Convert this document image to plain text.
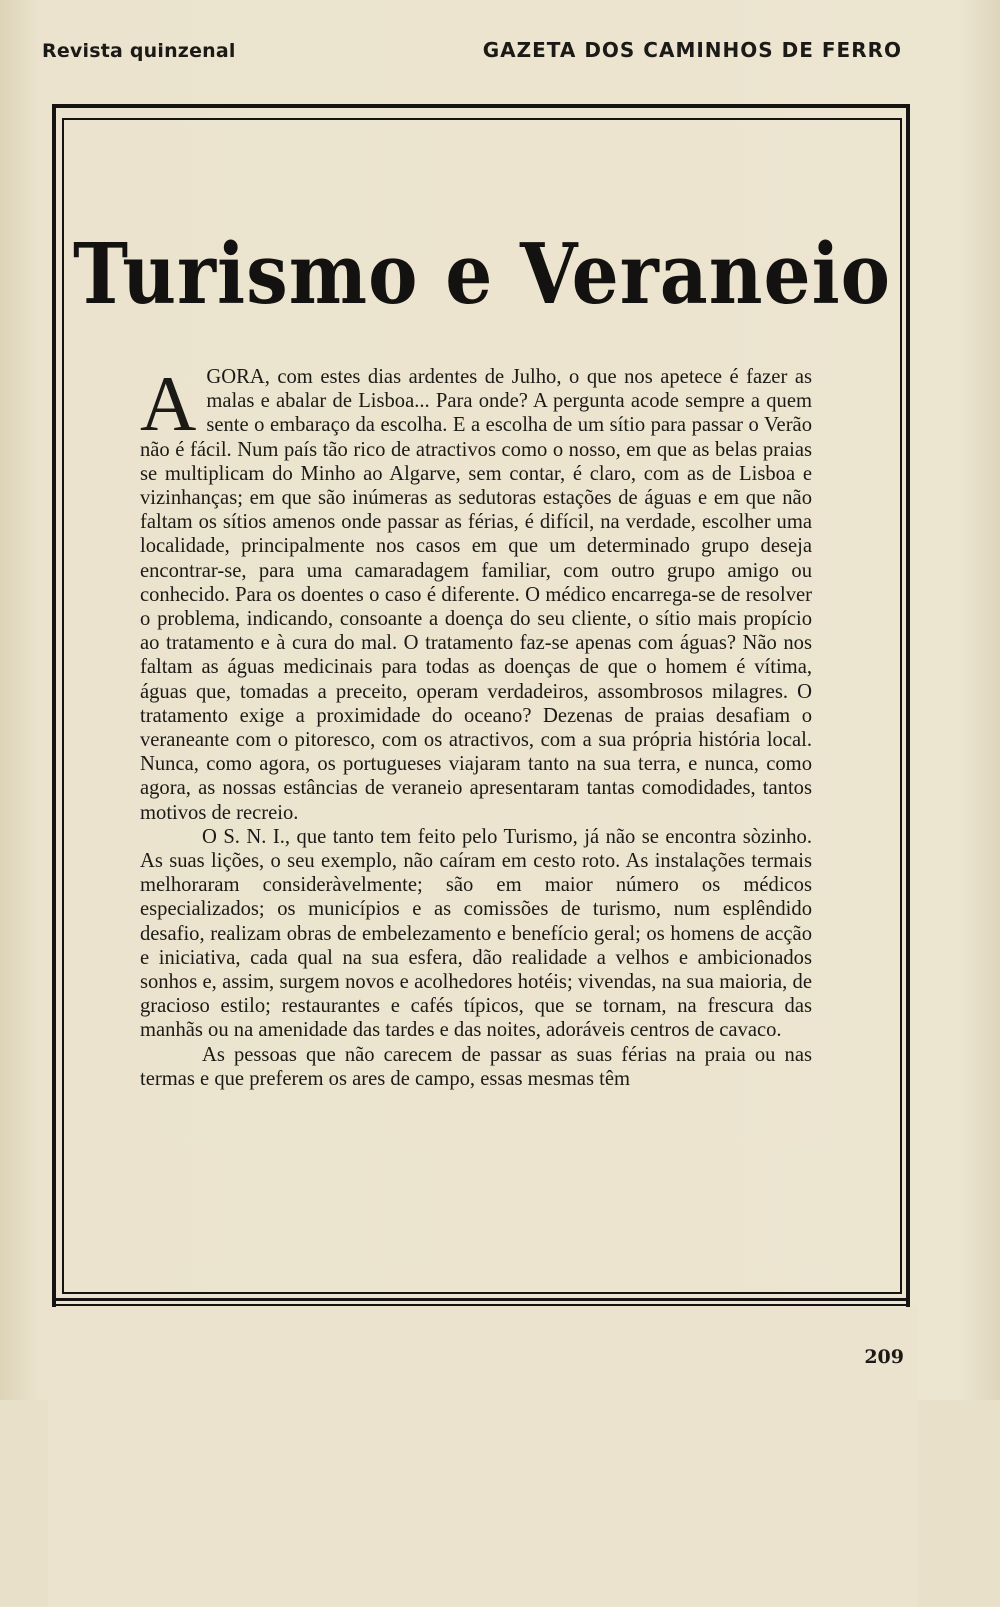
Revista quinzenal	GAZETA DOS CAMINHOS DE FERRO
Turismo e Veraneio

AGORA, com estes dias ardentes de Julho, o que nos apetece é fazer as malas e abalar de Lisboa... Para onde? A pergunta acode sempre a quem sente o embaraço da escolha. E a escolha de um sítio para passar o Verão não é fácil. Num país tão rico de atractivos como o nosso, em que as belas praias se multiplicam do Minho ao Algarve, sem contar, é claro, com as de Lisboa e vizinhanças; em que são inúmeras as sedutoras estações de águas e em que não faltam os sítios amenos onde passar as férias, é difícil, na verdade, escolher uma localidade, principalmente nos casos em que um determinado grupo deseja encontrar-se, para uma camaradagem familiar, com outro grupo amigo ou conhecido. Para os doentes o caso é diferente. O médico encarrega-se de resolver o problema, indicando, consoante a doença do seu cliente, o sítio mais propício ao tratamento e à cura do mal. O tratamento faz-se apenas com águas? Não nos faltam as águas medicinais para todas as doenças de que o homem é vítima, águas que, tomadas a preceito, operam verdadeiros, assombrosos milagres. O tratamento exige a proximidade do oceano? Dezenas de praias desafiam o veraneante com o pitoresco, com os atractivos, com a sua própria história local. Nunca, como agora, os portugueses viajaram tanto na sua terra, e nunca, como agora, as nossas estâncias de veraneio apresentaram tantas comodidades, tantos motivos de recreio.

O S. N. I., que tanto tem feito pelo Turismo, já não se encontra sòzinho. As suas lições, o seu exemplo, não caíram em cesto roto. As instalações termais melhoraram consideràvelmente; são em maior número os médicos especializados; os municípios e as comissões de turismo, num esplêndido desafio, realizam obras de embelezamento e benefício geral; os homens de acção e iniciativa, cada qual na sua esfera, dão realidade a velhos e ambicionados sonhos e, assim, surgem novos e acolhedores hotéis; vivendas, na sua maioria, de gracioso estilo; restaurantes e cafés típicos, que se tornam, na frescura das manhãs ou na amenidade das tardes e das noites, adoráveis centros de cavaco.

As pessoas que não carecem de passar as suas férias na praia ou nas termas e que preferem os ares de campo, essas mesmas têm

209
